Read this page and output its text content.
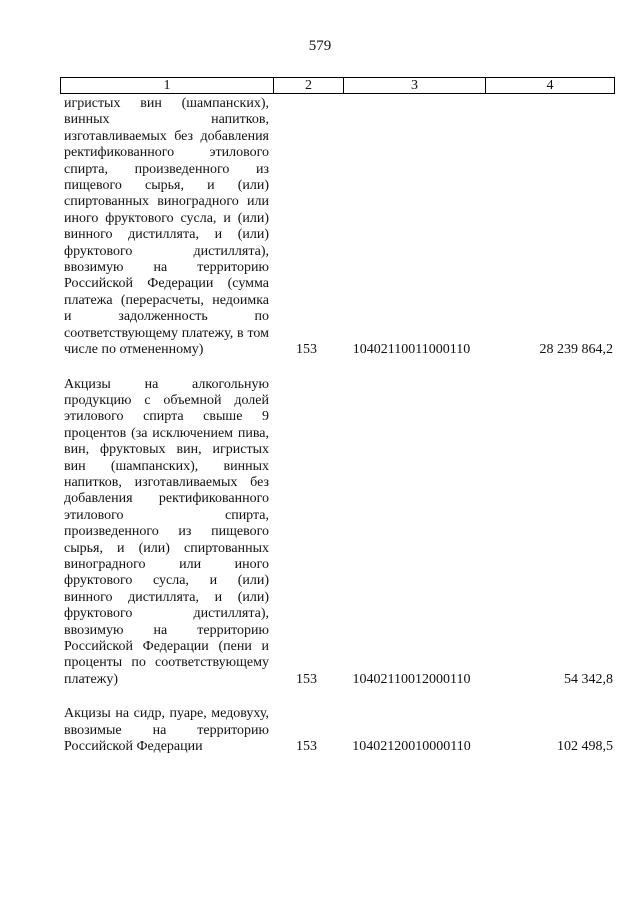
579
1	2	3	4
игристых вин (шампанских), винных напитков, изготавливаемых без добавления ректификованного этилового спирта, произведенного из пищевого сырья, и (или) спиртованных виноградного или иного фруктового сусла, и (или) винного дистиллята, и (или) фруктового дистиллята), ввозимую на территорию Российской Федерации (сумма платежа (перерасчеты, недоимка и задолженность по соответствующему платежу, в том числе по отмененному)	153	10402110011000110	28 239 864,2
Акцизы на алкогольную продукцию с объемной долей этилового спирта свыше 9 процентов (за исключением пива, вин, фруктовых вин, игристых вин (шампанских), винных напитков, изготавливаемых без добавления ректификованного этилового спирта, произведенного из пищевого сырья, и (или) спиртованных виноградного или иного фруктового сусла, и (или) винного дистиллята, и (или) фруктового дистиллята), ввозимую на территорию Российской Федерации (пени и проценты по соответствующему платежу)	153	10402110012000110	54 342,8
Акцизы на сидр, пуаре, медовуху, ввозимые на территорию Российской Федерации	153	10402120010000110	102 498,5
